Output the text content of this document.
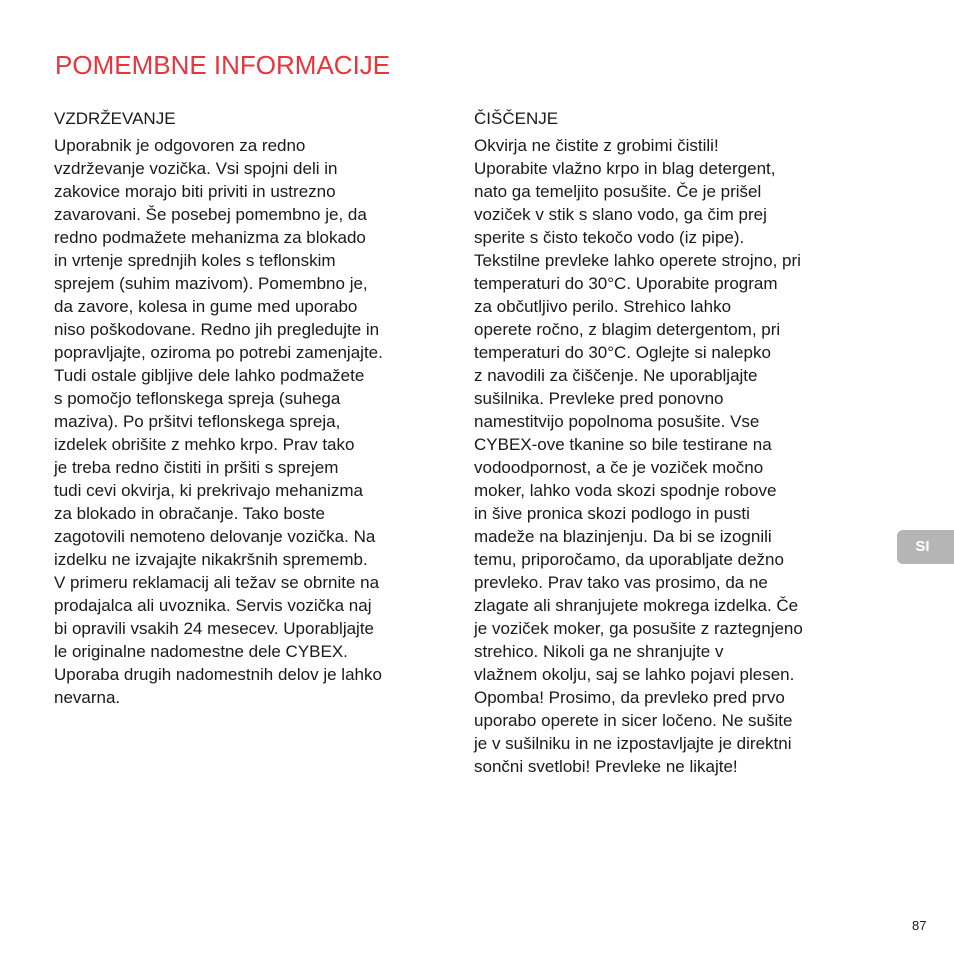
POMEMBNE INFORMACIJE
VZDRŽEVANJE
Uporabnik je odgovoren za redno
vzdrževanje vozička. Vsi spojni deli in
zakovice morajo biti priviti in ustrezno
zavarovani. Še posebej pomembno je, da
redno podmažete mehanizma za blokado
in vrtenje sprednjih koles s teflonskim
sprejem (suhim mazivom). Pomembno je,
da zavore, kolesa in gume med uporabo
niso poškodovane. Redno jih pregledujte in
popravljajte, oziroma po potrebi zamenjajte.
Tudi ostale gibljive dele lahko podmažete
s pomočjo teflonskega spreja (suhega
maziva). Po pršitvi teflonskega spreja,
izdelek obrišite z mehko krpo. Prav tako
je treba redno čistiti in pršiti s sprejem
tudi cevi okvirja, ki prekrivajo mehanizma
za blokado in obračanje. Tako boste
zagotovili nemoteno delovanje vozička. Na
izdelku ne izvajajte nikakršnih sprememb.
V primeru reklamacij ali težav se obrnite na
prodajalca ali uvoznika. Servis vozička naj
bi opravili vsakih 24 mesecev. Uporabljajte
le originalne nadomestne dele CYBEX.
Uporaba drugih nadomestnih delov je lahko
nevarna.
ČIŠČENJE
Okvirja ne čistite z grobimi čistili!
Uporabite vlažno krpo in blag detergent,
nato ga temeljito posušite. Če je prišel
voziček v stik s slano vodo, ga čim prej
sperite s čisto tekočo vodo (iz pipe).
Tekstilne prevleke lahko operete strojno, pri
temperaturi do 30°C. Uporabite program
za občutljivo perilo. Strehico lahko
operete ročno, z blagim detergentom, pri
temperaturi do 30°C. Oglejte si nalepko
z navodili za čiščenje. Ne uporabljajte
sušilnika. Prevleke pred ponovno
namestitvijo popolnoma posušite. Vse
CYBEX-ove tkanine so bile testirane na
vodoodpornost, a če je voziček močno
moker, lahko voda skozi spodnje robove
in šive pronica skozi podlogo in pusti
madeže na blazinjenju. Da bi se izognili
temu, priporočamo, da uporabljate dežno
prevleko. Prav tako vas prosimo, da ne
zlagate ali shranjujete mokrega izdelka. Če
je voziček moker, ga posušite z raztegnjeno
strehico. Nikoli ga ne shranjujte v
vlažnem okolju, saj se lahko pojavi plesen.
Opomba! Prosimo, da prevleko pred prvo
uporabo operete in sicer ločeno. Ne sušite
je v sušilniku in ne izpostavljajte je direktni
sončni svetlobi! Prevleke ne likajte!
SI
87
